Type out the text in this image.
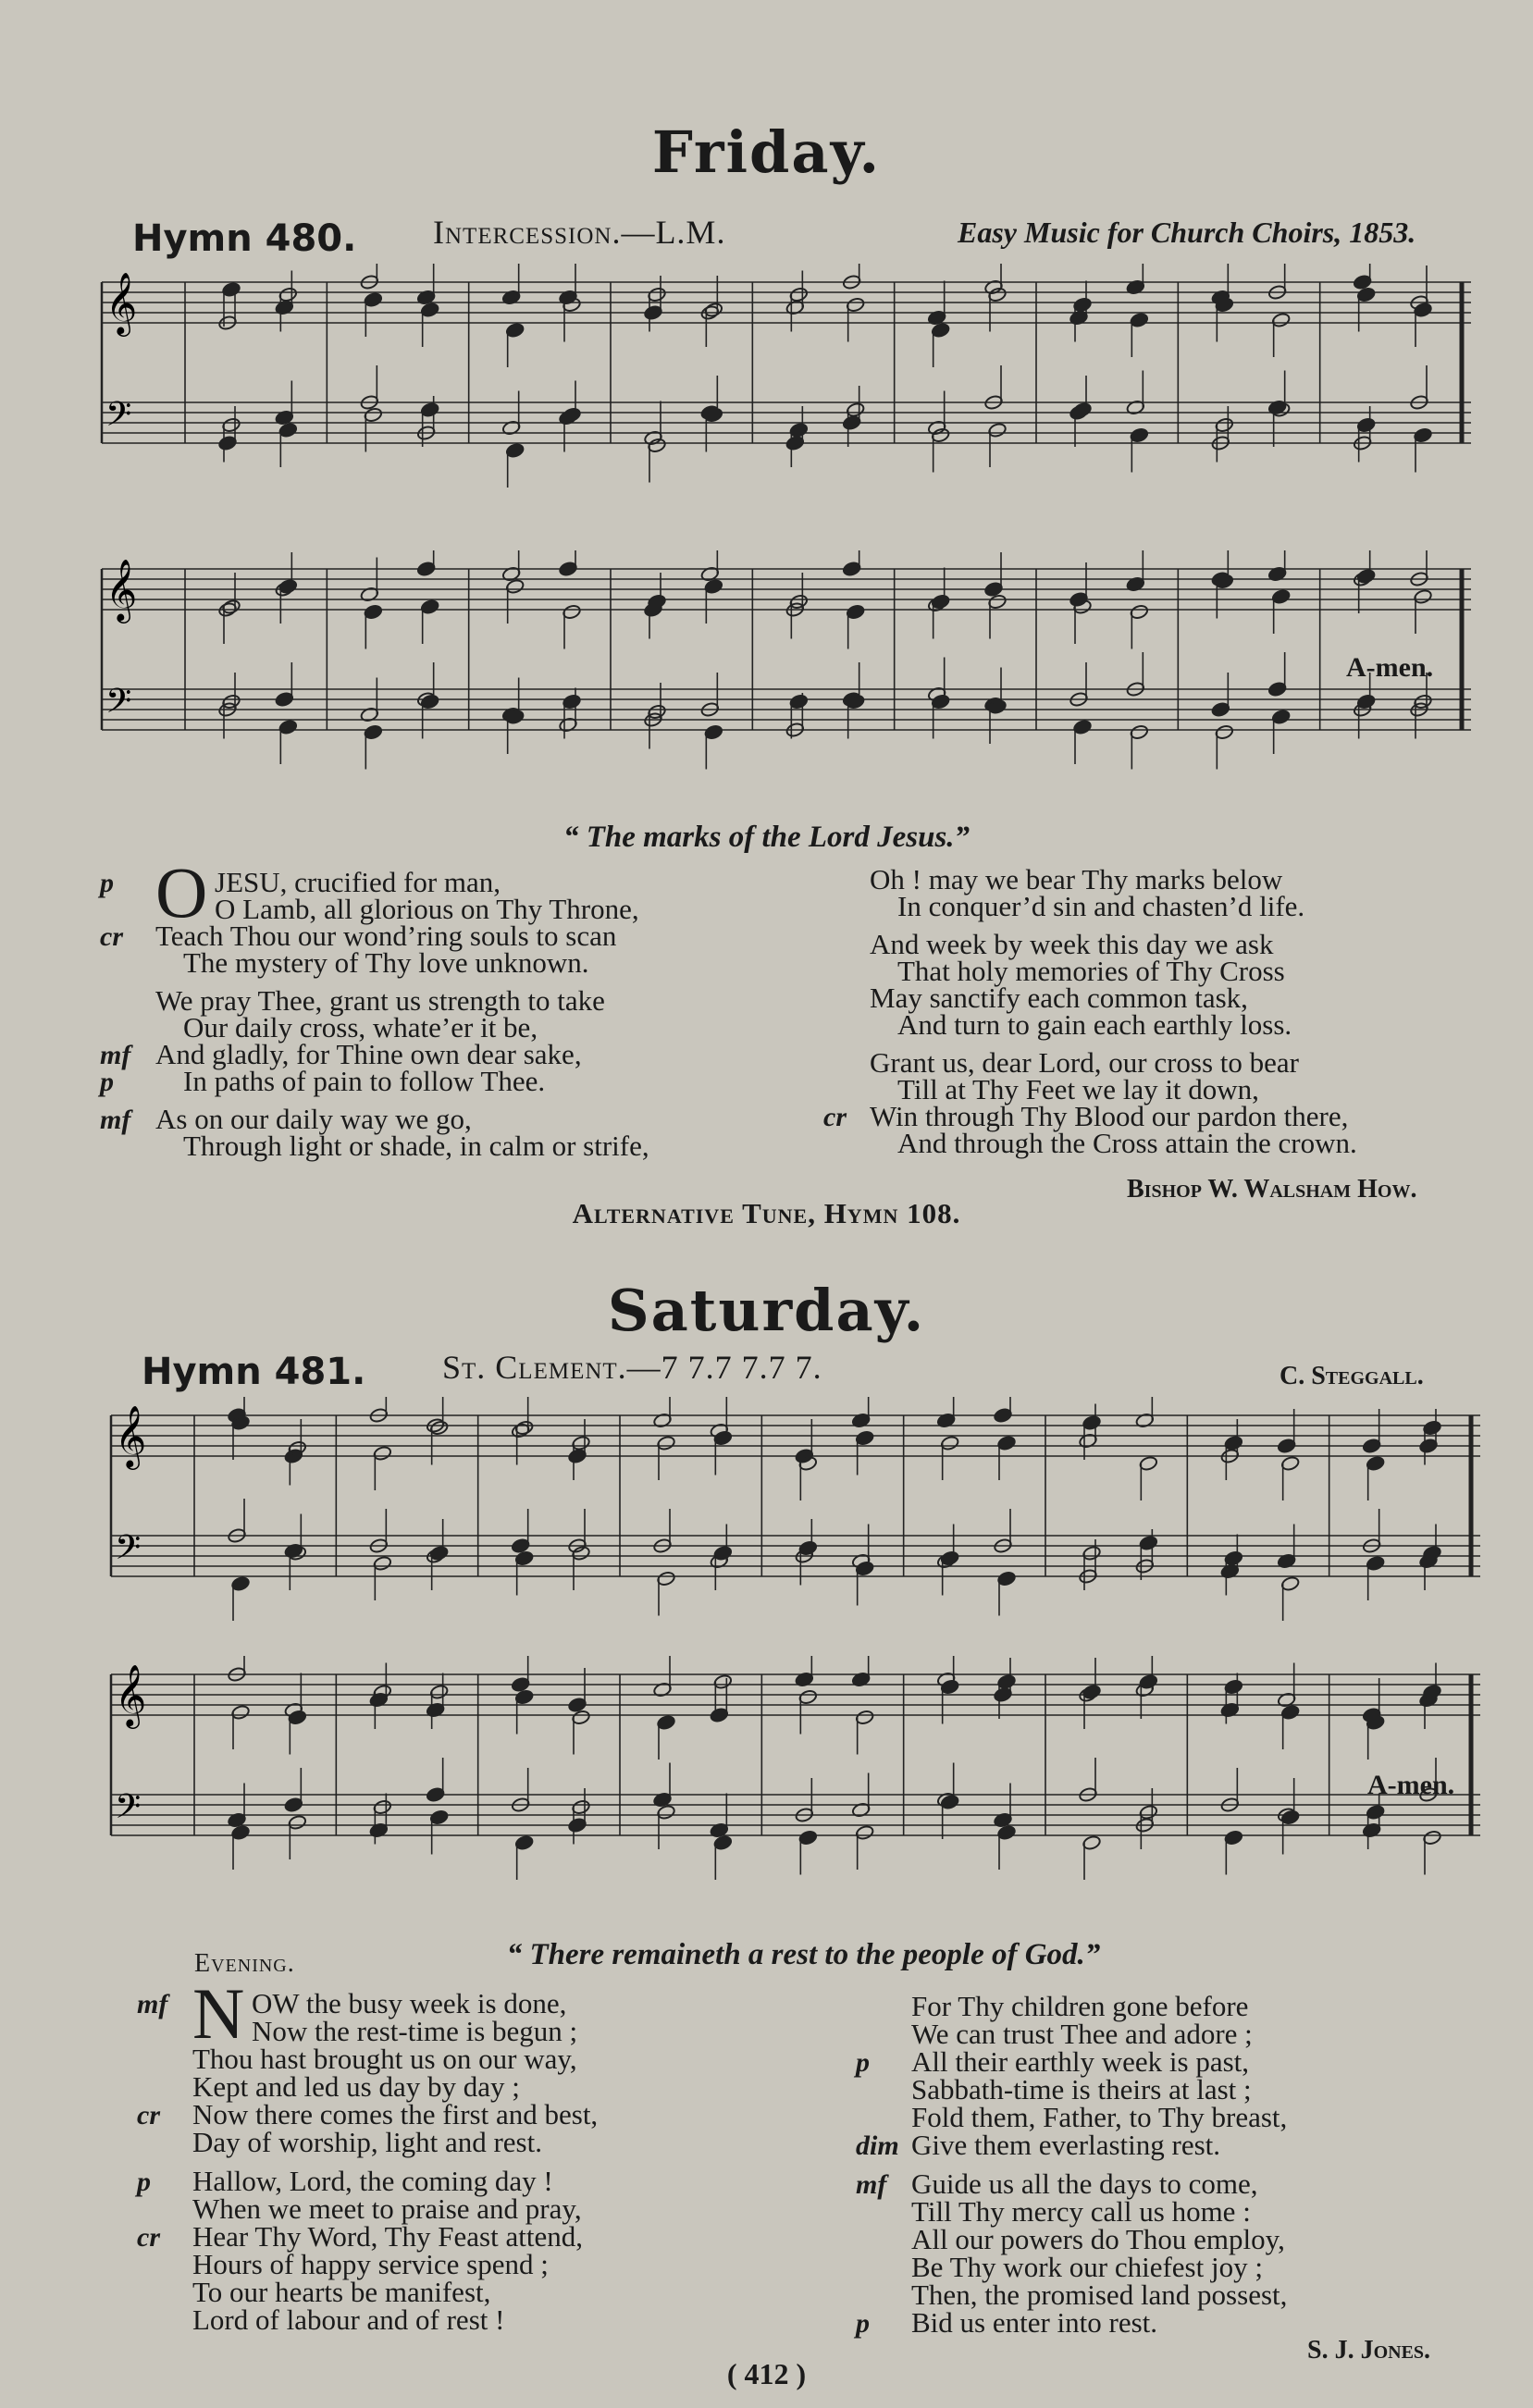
Friday.
Hymn 480. Intercession.—L.M.	Easy Music for Church Choirs, 1853.
𝄞
𝄢
𝄞
𝄢
A-men.
“ The marks of the Lord Jesus.”
p O JESU, crucified for man,
O Lamb, all glorious on Thy Throne,
cr Teach Thou our wond’ring souls to scan
The mystery of Thy love unknown.
We pray Thee, grant us strength to take
Our daily cross, whate’er it be,
mf And gladly, for Thine own dear sake,
p In paths of pain to follow Thee.
mf As on our daily way we go,
Through light or shade, in calm or strife,
Oh ! may we bear Thy marks below
In conquer’d sin and chasten’d life.
And week by week this day we ask
That holy memories of Thy Cross
May sanctify each common task,
And turn to gain each earthly loss.
Grant us, dear Lord, our cross to bear
Till at Thy Feet we lay it down,
cr Win through Thy Blood our pardon there,
And through the Cross attain the crown.
Bishop W. Walsham How.
Alternative Tune, Hymn 108.
Saturday.
Hymn 481. St. Clement.—7 7.7 7.7 7.	C. Steggall.
𝄞
𝄢
𝄞
𝄢
A-men.
Evening.	“ There remaineth a rest to the people of God.”
mf N OW the busy week is done,
Now the rest-time is begun ;
Thou hast brought us on our way,
Kept and led us day by day ;
cr Now there comes the first and best,
Day of worship, light and rest.
p Hallow, Lord, the coming day !
When we meet to praise and pray,
cr Hear Thy Word, Thy Feast attend,
Hours of happy service spend ;
To our hearts be manifest,
Lord of labour and of rest !
For Thy children gone before
We can trust Thee and adore ;
p All their earthly week is past,
Sabbath-time is theirs at last ;
Fold them, Father, to Thy breast,
dim Give them everlasting rest.
mf Guide us all the days to come,
Till Thy mercy call us home :
All our powers do Thou employ,
Be Thy work our chiefest joy ;
Then, the promised land possest,
p Bid us enter into rest.
S. J. Jones.
( 412 )
